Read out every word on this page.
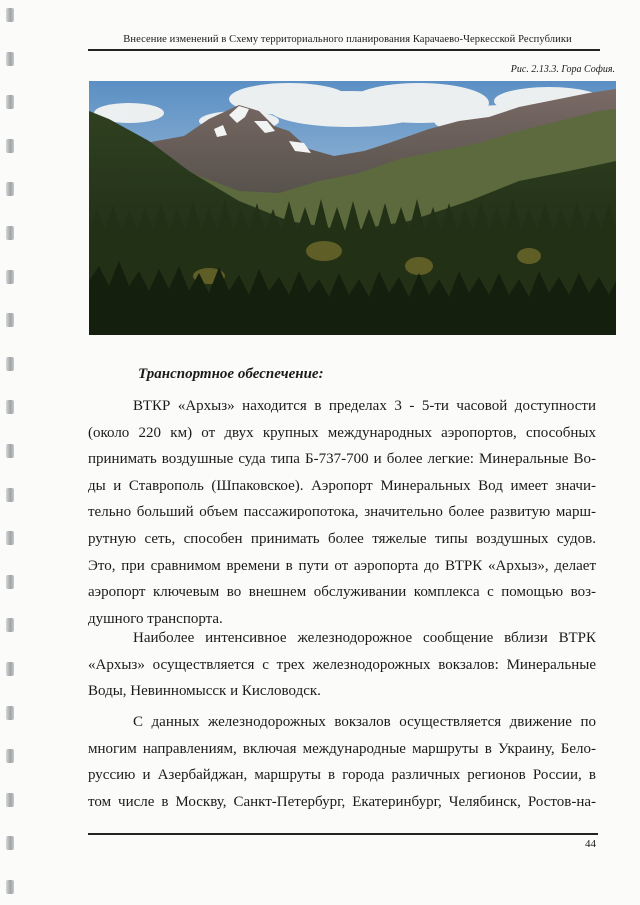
Внесение изменений в Схему территориального планирования Карачаево-Черкесской Республики
Рис. 2.13.3. Гора София.
Транспортное обеспечение:
ВТКР «Архыз» находится в пределах 3 - 5-ти часовой доступности
(около 220 км) от двух крупных международных аэропортов, способных
принимать воздушные суда типа Б-737-700 и более легкие: Минеральные Во-
ды и Ставрополь (Шпаковское). Аэропорт Минеральных Вод имеет значи-
тельно больший объем пассажиропотока, значительно более развитую марш-
рутную сеть, способен принимать более тяжелые типы воздушных судов.
Это, при сравнимом времени в пути от аэропорта до ВТРК «Архыз», делает
аэропорт ключевым во внешнем обслуживании комплекса с помощью воз-
душного транспорта.
Наиболее интенсивное железнодорожное сообщение вблизи ВТРК
«Архыз» осуществляется с трех железнодорожных вокзалов: Минеральные
Воды, Невинномысск и Кисловодск.
С данных железнодорожных вокзалов осуществляется движение по
многим направлениям, включая международные маршруты в Украину, Бело-
руссию и Азербайджан, маршруты в города различных регионов России, в
том числе в Москву, Санкт-Петербург, Екатеринбург, Челябинск, Ростов-на-
44
